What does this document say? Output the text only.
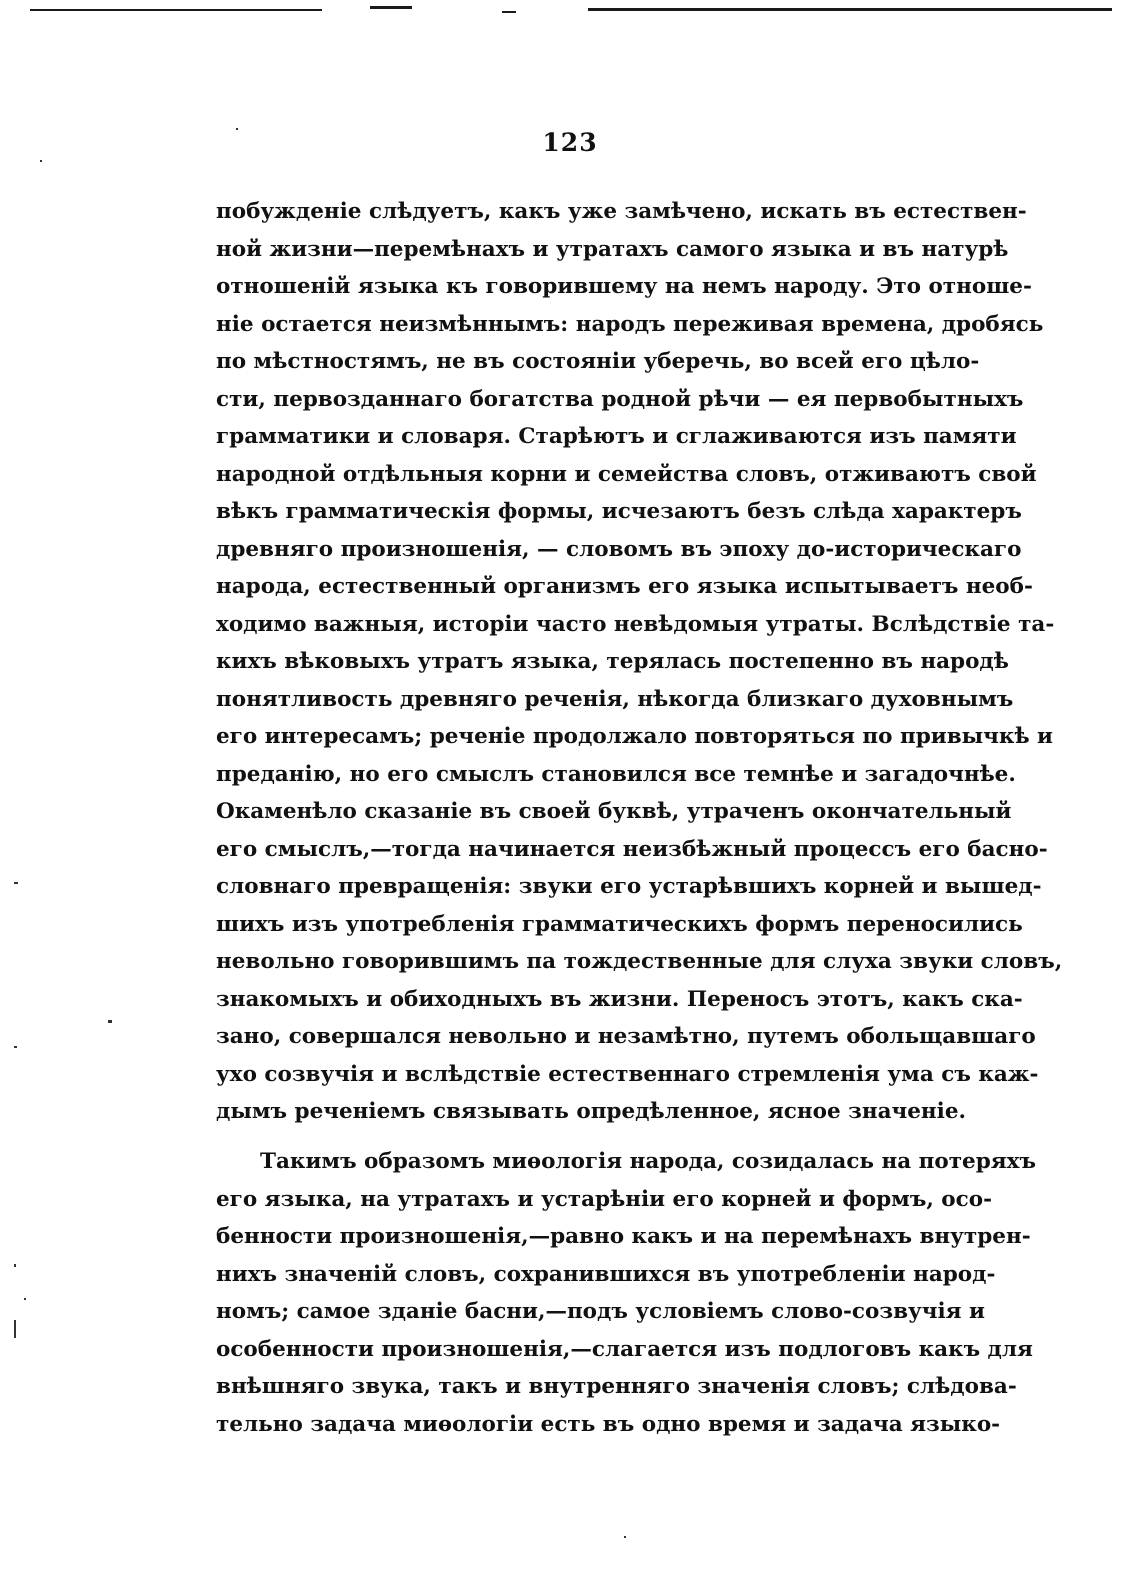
123
побужденіе слѣдуетъ, какъ уже замѣчено, искать въ естествен-
ной жизни—перемѣнахъ и утратахъ самого языка и въ натурѣ
отношеній языка къ говорившему на немъ народу. Это отноше-
ніе остается неизмѣннымъ: народъ переживая времена, дробясь
по мѣстностямъ, не въ состояніи уберечь, во всей его цѣло-
сти, первозданнаго богатства родной рѣчи — ея первобытныхъ
грамматики и словаря. Старѣютъ и сглаживаются изъ памяти
народной отдѣльныя корни и семейства словъ, отживаютъ свой
вѣкъ грамматическія формы, исчезаютъ безъ слѣда характеръ
древняго произношенія, — словомъ въ эпоху до-историческаго
народа, естественный организмъ его языка испытываетъ необ-
ходимо важныя, исторіи часто невѣдомыя утраты. Вслѣдствіе та-
кихъ вѣковыхъ утратъ языка, терялась постепенно въ народѣ
понятливость древняго реченія, нѣкогда близкаго духовнымъ
его интересамъ; реченіе продолжало повторяться по привычкѣ и
преданію, но его смыслъ становился все темнѣе и загадочнѣе.
Окаменѣло сказаніе въ своей буквѣ, утраченъ окончательный
его смыслъ,—тогда начинается неизбѣжный процессъ его басно-
словнаго превращенія: звуки его устарѣвшихъ корней и вышед-
шихъ изъ употребленія грамматическихъ формъ переносились
невольно говорившимъ па тождественные для слуха звуки словъ,
знакомыхъ и обиходныхъ въ жизни. Переносъ этотъ, какъ ска-
зано, совершался невольно и незамѣтно, путемъ обольщавшаго
ухо созвучія и вслѣдствіе естественнаго стремленія ума съ каж-
дымъ реченіемъ связывать опредѣленное, ясное значеніе.
Такимъ образомъ миѳологія народа, созидалась на потеряхъ
его языка, на утратахъ и устарѣніи его корней и формъ, осо-
бенности произношенія,—равно какъ и на перемѣнахъ внутрен-
нихъ значеній словъ, сохранившихся въ употребленіи народ-
номъ; самое зданіе басни,—подъ условіемъ слово-созвучія и
особенности произношенія,—слагается изъ подлоговъ какъ для
внѣшняго звука, такъ и внутренняго значенія словъ; слѣдова-
тельно задача миѳологіи есть въ одно время и задача языко-
